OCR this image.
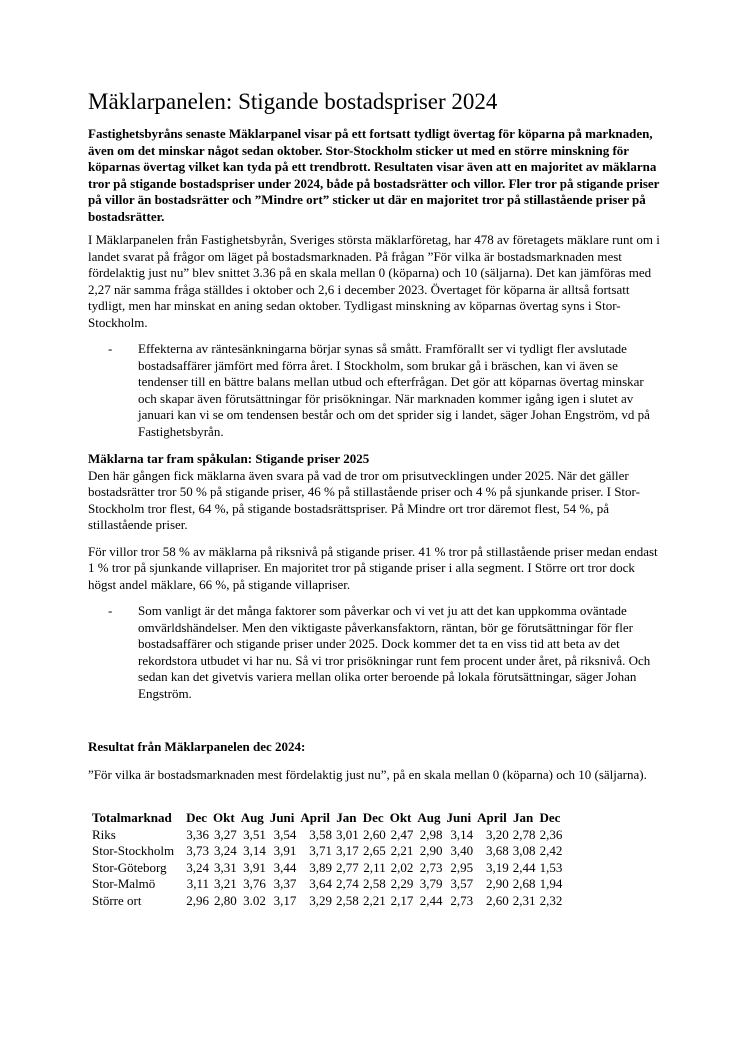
Mäklarpanelen: Stigande bostadspriser 2024

Fastighetsbyråns senaste Mäklarpanel visar på ett fortsatt tydligt övertag för köparna på marknaden, även om det minskar något sedan oktober. Stor-Stockholm sticker ut med en större minskning för köparnas övertag vilket kan tyda på ett trendbrott. Resultaten visar även att en majoritet av mäklarna tror på stigande bostadspriser under 2024, både på bostadsrätter och villor. Fler tror på stigande priser på villor än bostadsrätter och ”Mindre ort” sticker ut där en majoritet tror på stillastående priser på bostadsrätter.

I Mäklarpanelen från Fastighetsbyrån, Sveriges största mäklarföretag, har 478 av företagets mäklare runt om i landet svarat på frågor om läget på bostadsmarknaden. På frågan ”För vilka är bostadsmarknaden mest fördelaktig just nu” blev snittet 3.36 på en skala mellan 0 (köparna) och 10 (säljarna). Det kan jämföras med 2,27 när samma fråga ställdes i oktober och 2,6 i december 2023. Övertaget för köparna är alltså fortsatt tydligt, men har minskat en aning sedan oktober. Tydligast minskning av köparnas övertag syns i Stor-Stockholm.

- Effekterna av räntesänkningarna börjar synas så smått. Framförallt ser vi tydligt fler avslutade bostadsaffärer jämfört med förra året. I Stockholm, som brukar gå i bräschen, kan vi även se tendenser till en bättre balans mellan utbud och efterfrågan. Det gör att köparnas övertag minskar och skapar även förutsättningar för prisökningar. När marknaden kommer igång igen i slutet av januari kan vi se om tendensen består och om det sprider sig i landet, säger Johan Engström, vd på Fastighetsbyrån.

Mäklarna tar fram spåkulan: Stigande priser 2025

Den här gången fick mäklarna även svara på vad de tror om prisutvecklingen under 2025. När det gäller bostadsrätter tror 50 % på stigande priser, 46 % på stillastående priser och 4 % på sjunkande priser. I Stor-Stockholm tror flest, 64 %, på stigande bostadsrättspriser. På Mindre ort tror däremot flest, 54 %, på stillastående priser.

För villor tror 58 % av mäklarna på riksnivå på stigande priser. 41 % tror på stillastående priser medan endast 1 % tror på sjunkande villapriser. En majoritet tror på stigande priser i alla segment. I Större ort tror dock högst andel mäklare, 66 %, på stigande villapriser.

- Som vanligt är det många faktorer som påverkar och vi vet ju att det kan uppkomma oväntade omvärldshändelser. Men den viktigaste påverkansfaktorn, räntan, bör ge förutsättningar för fler bostadsaffärer och stigande priser under 2025. Dock kommer det ta en viss tid att beta av det rekordstora utbudet vi har nu. Så vi tror prisökningar runt fem procent under året, på riksnivå. Och sedan kan det givetvis variera mellan olika orter beroende på lokala förutsättningar, säger Johan Engström.

Resultat från Mäklarpanelen dec 2024:

”För vilka är bostadsmarknaden mest fördelaktig just nu”, på en skala mellan 0 (köparna) och 10 (säljarna).

Totalmarknad	Dec	Okt	Aug	Juni	April	Jan	Dec	Okt	Aug	Juni	April	Jan	Dec
Riks	3,36	3,27	3,51	3,54	3,58	3,01	2,60	2,47	2,98	3,14	3,20	2,78	2,36
Stor-Stockholm	3,73	3,24	3,14	3,91	3,71	3,17	2,65	2,21	2,90	3,40	3,68	3,08	2,42
Stor-Göteborg	3,24	3,31	3,91	3,44	3,89	2,77	2,11	2,02	2,73	2,95	3,19	2,44	1,53
Stor-Malmö	3,11	3,21	3,76	3,37	3,64	2,74	2,58	2,29	3,79	3,57	2,90	2,68	1,94
Större ort	2,96	2,80	3.02	3,17	3,29	2,58	2,21	2,17	2,44	2,73	2,60	2,31	2,32
